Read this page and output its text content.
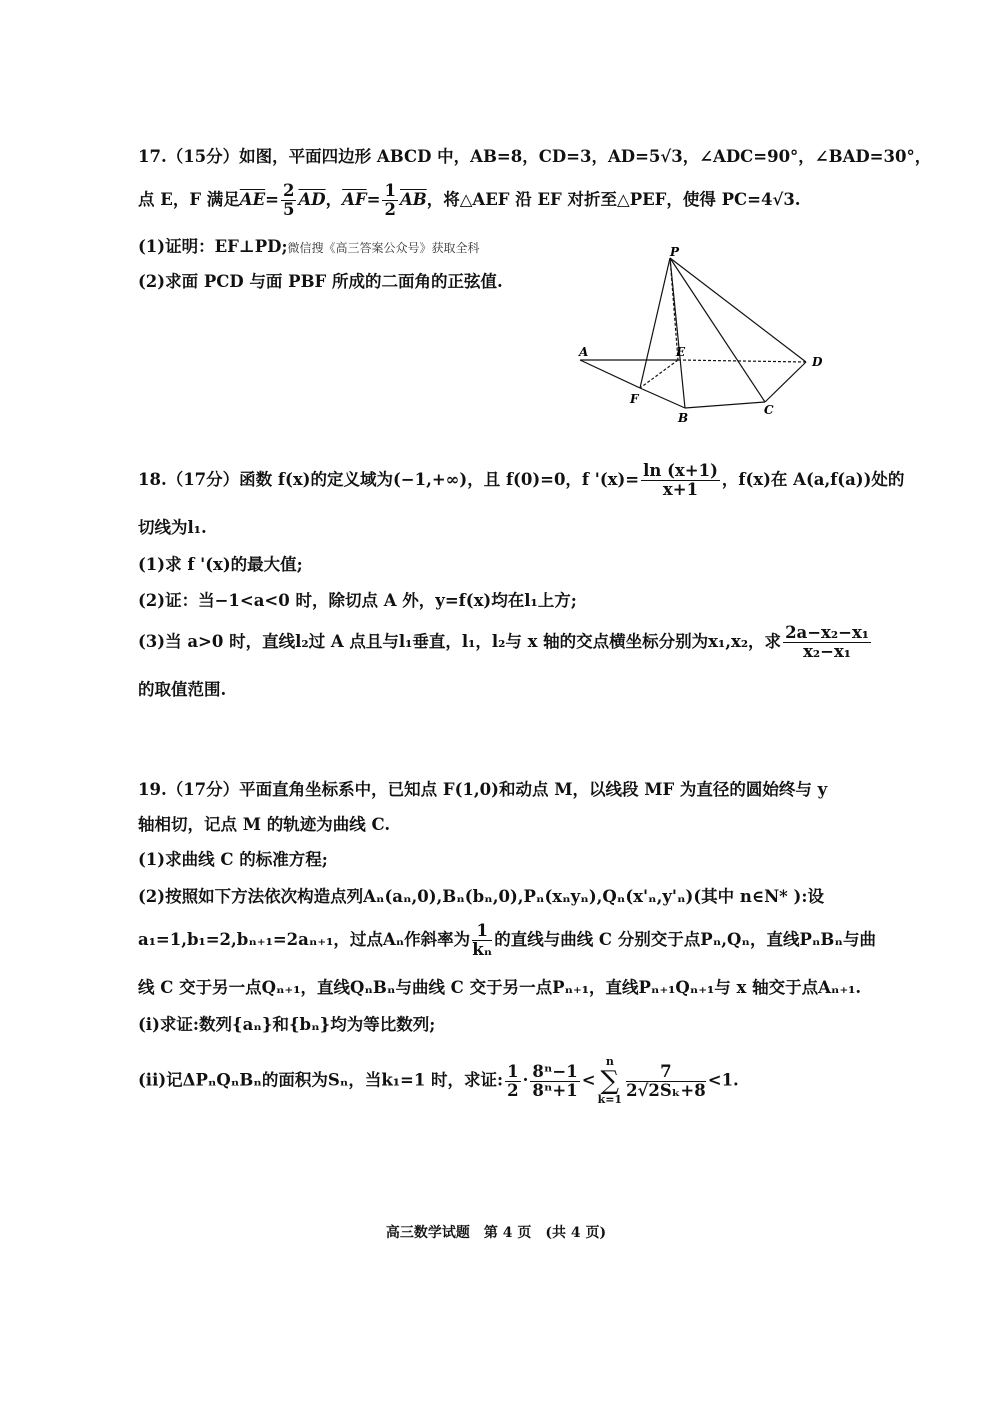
17.（15分）如图，平面四边形 ABCD 中，AB=8，CD=3，AD=5√3，∠ADC=90°，∠BAD=30°，
点 E，F 满足$\overline{AE}= \frac{2}{5} \overline{AD}$，$\overline{AF}= \frac{1}{2} \overline{AB}$，将△AEF 沿 EF 对折至△PEF，使得 PC=4√3.
(1)证明：EF⊥PD;微信搜《高三答案公众号》获取全科
(2)求面 PCD 与面 PBF 所成的二面角的正弦值.
P
A	E
D
F
B
C
18.（17分）函数 f(x)的定义域为(−1,+∞)，且 f(0)=0，f '$(x)= \frac{\ln (x+1)}{x+1}$ ，f(x)在 A(a,f(a))处的
切线为l₁.
(1)求 f '(x)的最大值;
(2)证：当−1<a<0 时，除切点 A 外，y=f(x)均在l₁上方;
(3)当 a>0 时，直线l₂过 A 点且与l₁垂直，l₁，l₂与 x 轴的交点横坐标分别为x₁,x₂，求 $\frac{\text{2a−x₂−x₁}}{\text{x₂−x₁}}$
的取值范围.
19.（17分）平面直角坐标系中，已知点 F(1,0)和动点 M，以线段 MF 为直径的圆始终与 y
轴相切，记点 M 的轨迹为曲线 C.
(1)求曲线 C 的标准方程;
(2)按照如下方法依次构造点列Aₙ(aₙ,0),Bₙ(bₙ,0),Pₙ(xₙyₙ),Qₙ(x'ₙ,y'ₙ)(其中 n∈N* ):设
a₁=1,b₁=2,bₙ₊₁=2aₙ₊₁，过点Aₙ作斜率为 $\frac{1}{\text{kₙ}}$ 的直线与曲线 C 分别交于点Pₙ,Qₙ，直线PₙBₙ与曲
线 C 交于另一点Qₙ₊₁，直线QₙBₙ与曲线 C 交于另一点Pₙ₊₁，直线Pₙ₊₁Qₙ₊₁与 x 轴交于点Aₙ₊₁.
(i)求证:数列{aₙ}和{bₙ}均为等比数列;
(ii)记ΔPₙQₙBₙ的面积为Sₙ，当k₁=1 时，求证: $\frac{1}{2} \cdot \frac{\text{8ⁿ−1}}{\text{8ⁿ+1}}$ <
n
∑
$k=1 \frac{7}{\text{2√2Sₖ+8}} <1$.
高三数学试题　第 4 页　(共 4 页)
